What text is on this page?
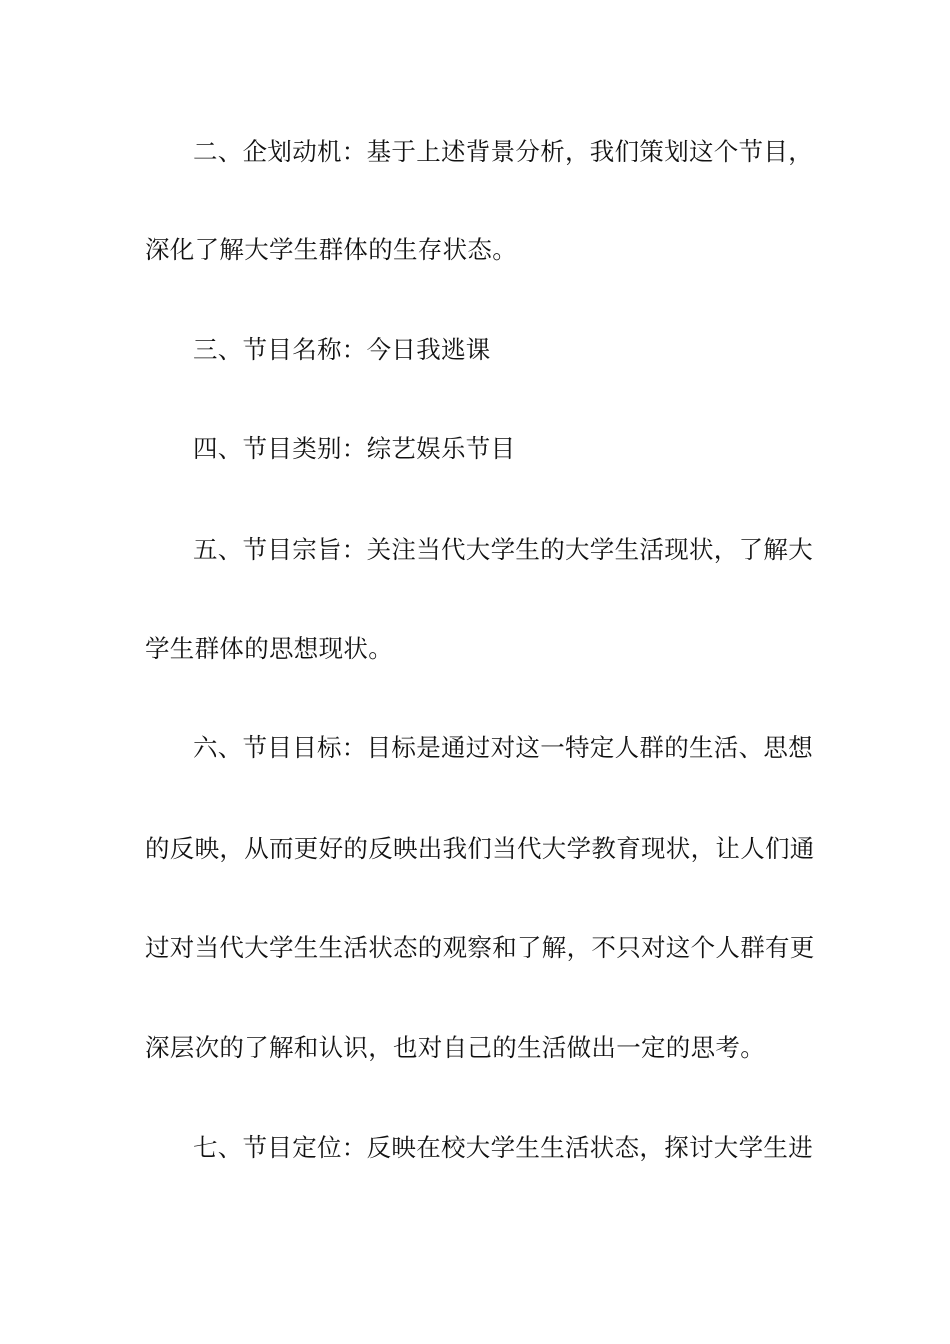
二、企划动机：基于上述背景分析，我们策划这个节目，
深化了解大学生群体的生存状态。
三、节目名称：今日我逃课
四、节目类别：综艺娱乐节目
五、节目宗旨：关注当代大学生的大学生活现状，了解大
学生群体的思想现状。
六、节目目标：目标是通过对这一特定人群的生活、思想
的反映，从而更好的反映出我们当代大学教育现状，让人们通
过对当代大学生生活状态的观察和了解，不只对这个人群有更
深层次的了解和认识，也对自己的生活做出一定的思考。
七、节目定位：反映在校大学生生活状态，探讨大学生进
